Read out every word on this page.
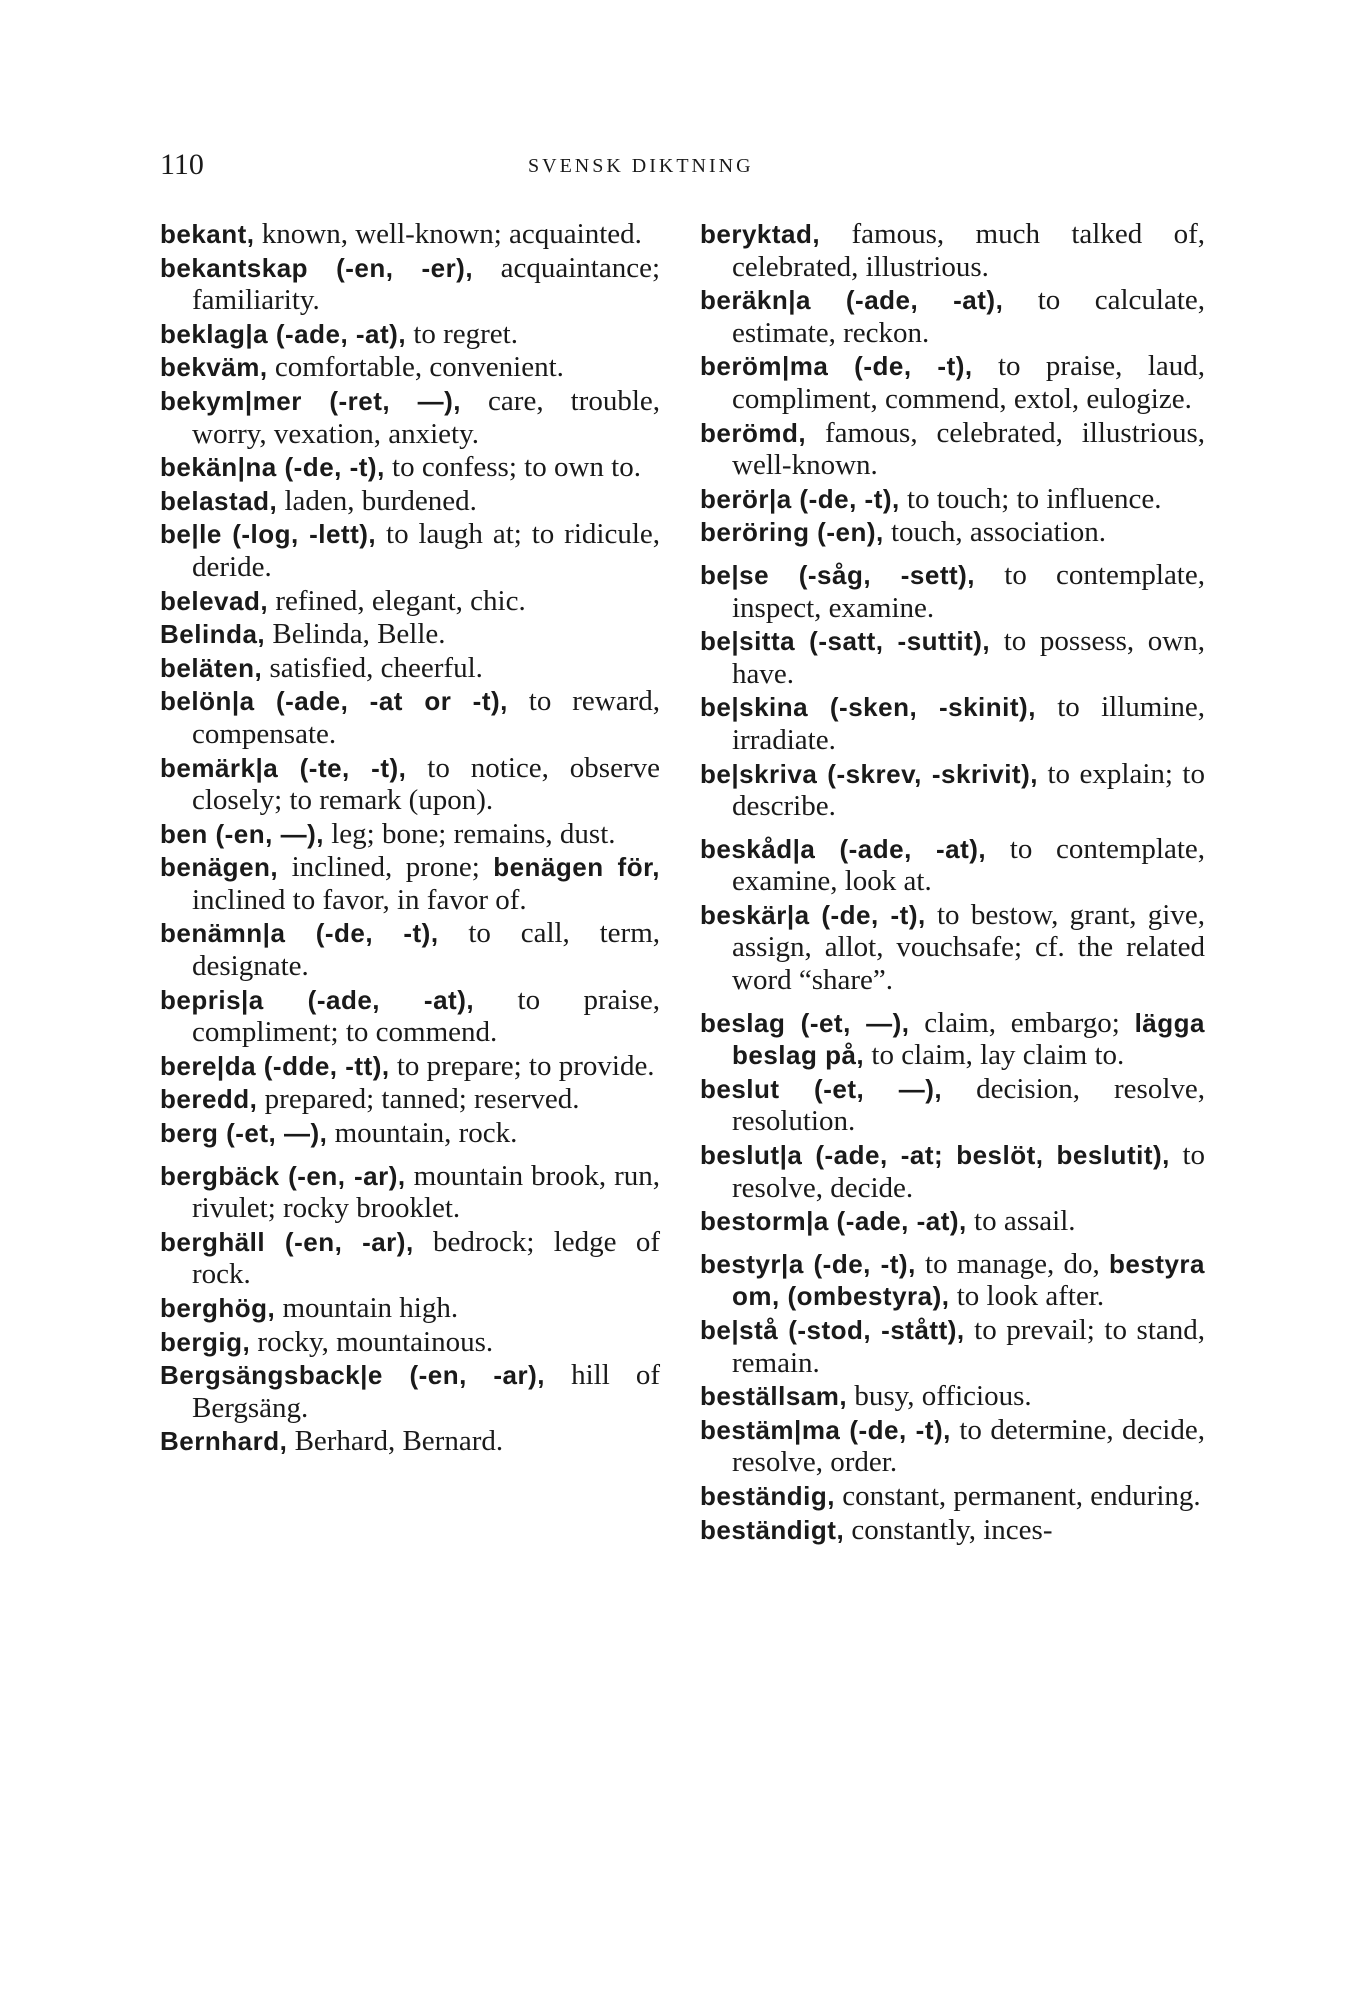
110	SVENSK DIKTNING
bekant, known, well-known; acquainted.
bekantskap (-en, -er), acquaintance; familiarity.
beklag|a (-ade, -at), to regret.
bekväm, comfortable, convenient.
bekym|mer (-ret, —), care, trouble, worry, vexation, anxiety.
bekän|na (-de, -t), to confess; to own to.
belastad, laden, burdened.
be|le (-log, -lett), to laugh at; to ridicule, deride.
belevad, refined, elegant, chic.
Belinda, Belinda, Belle.
beläten, satisfied, cheerful.
belön|a (-ade, -at or -t), to reward, compensate.
bemärk|a (-te, -t), to notice, observe closely; to remark (upon).
ben (-en, —), leg; bone; remains, dust.
benägen, inclined, prone; benägen för, inclined to favor, in favor of.
benämn|a (-de, -t), to call, term, designate.
bepris|a (-ade, -at), to praise, compliment; to commend.
bere|da (-dde, -tt), to prepare; to provide.
beredd, prepared; tanned; reserved.
berg (-et, —), mountain, rock.
bergbäck (-en, -ar), mountain brook, run, rivulet; rocky brooklet.
berghäll (-en, -ar), bedrock; ledge of rock.
berghög, mountain high.
bergig, rocky, mountainous.
Bergsängsback|e (-en, -ar), hill of Bergsäng.
Bernhard, Berhard, Bernard.
beryktad, famous, much talked of, celebrated, illustrious.
beräkn|a (-ade, -at), to calculate, estimate, reckon.
beröm|ma (-de, -t), to praise, laud, compliment, commend, extol, eulogize.
berömd, famous, celebrated, illustrious, well-known.
berör|a (-de, -t), to touch; to influence.
beröring (-en), touch, association.
be|se (-såg, -sett), to contemplate, inspect, examine.
be|sitta (-satt, -suttit), to possess, own, have.
be|skina (-sken, -skinit), to illumine, irradiate.
be|skriva (-skrev, -skrivit), to explain; to describe.
beskåd|a (-ade, -at), to contemplate, examine, look at.
beskär|a (-de, -t), to bestow, grant, give, assign, allot, vouchsafe; cf. the related word “share”.
beslag (-et, —), claim, embargo; lägga beslag på, to claim, lay claim to.
beslut (-et, —), decision, resolve, resolution.
beslut|a (-ade, -at; beslöt, beslutit), to resolve, decide.
bestorm|a (-ade, -at), to assail.
bestyr|a (-de, -t), to manage, do, bestyra om, (ombestyra), to look after.
be|stå (-stod, -stått), to prevail; to stand, remain.
beställsam, busy, officious.
bestäm|ma (-de, -t), to determine, decide, resolve, order.
beständig, constant, permanent, enduring.
beständigt, constantly, inces-
